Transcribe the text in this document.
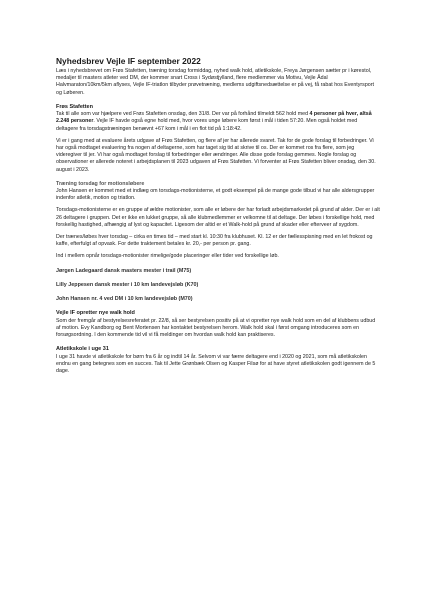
Nyhedsbrev Vejle IF september 2022

Læs i nyhedsbrevet om Frøs Stafetten, træning torsdag formiddag, nyhed walk hold, atletikskole, Freya Jørgensen sætter pr i kørestol, medaljer til masters atleter ved DM, der kommer snart Cross i Sydøstjylland, flere medlemmer via Motivu, Vejle Ådal Halvmaraton/10km/5km aflyses, Vejle IF-triatlon tilbyder prøvetræning, medlems udgiftsnedsættelse er på vej, få rabat hos Eventyrsport og Løberen.

Frøs Stafetten

Tak til alle som var hjælpere ved Frøs Stafetten onsdag, den 31/8. Der var på forhånd tilmeldt 562 hold med 4 personer på hver, altså 2.248 personer. Vejle IF havde også egne hold med, hvor vores unge løbere kom først i mål i tiden 57:20. Men også holdet med deltagere fra torsdagstræningen benævnt +67 kom i mål i en flot tid på 1:18:42.

Vi er i gang med at evaluere årets udgave af Frøs Stafetten, og flere af jer har allerede svaret. Tak for de gode forslag til forbedringer. Vi har også modtaget evaluering fra nogen af deltagerne, som har taget sig tid at skrive til os. Der er kommet ros fra flere, som jeg videregiver til jer. Vi har også modtaget forslag til forbedringer eller ændringer. Alle disse gode forslag gemmes. Nogle forslag og observationer er allerede noteret i arbejdsplanen til 2023 udgaven af Frøs Stafetten. Vi forventer at Frøs Stafetten bliver onsdag, den 30. august i 2023.

Træning torsdag for motionsløbere

John Hansen er kommet med et indlæg om torsdags-motionisterne, et godt eksempel på de mange gode tilbud vi har alle aldersgrupper indenfor atletik, motion og triatlon.

Torsdags-motionisterne er en gruppe af ældre motionister, som alle er løbere der har forladt arbejdsmarkedet på grund af alder. Der er i alt 26 deltagere i gruppen. Det er ikke en lukket gruppe, så alle klubmedlemmer er velkomne til at deltage. Der løbes i forskellige hold, med forskellig hastighed, afhængig af lyst og kapacitet. Ligesom der altid er et Walk-hold på grund af skader eller efterveer af sygdom.

Der trænes/løbes hver torsdag – cirka en times tid – med start kl. 10:30 fra klubhuset. Kl. 12 er der fællesspisning med en let frokost og kaffe, efterfulgt af opvask. For dette traktement betales kr. 20,- per person pr. gang.

Ind i mellem opnår torsdags-motionister rimelige/gode placeringer eller tider ved forskellige løb.

Jørgen Ladegaard dansk masters mester i trail (M75)

Lilly Jeppesen dansk mester i 10 km landevejsløb (K70)

John Hansen nr. 4 ved DM i 10 km landevejsløb (M70)

Vejle IF opretter nye walk hold

Som der fremgår af bestyrelsesreferatet pr. 22/8, så ser bestyrelsen positiv på at vi opretter nye walk hold som en del af klubbens udbud af motion. Evy Kandborg og Bent Mortensen har kontaktet bestyrelsen herom. Walk hold skal i først omgang introduceres som en forsøgsordning. I den kommende tid vil vi få meldinger om hvordan walk hold kan praktiseres.

Atletikskole i uge 31

I uge 31 havde vi atletikskole for børn fra 6 år og indtil 14 år. Selvom vi var færre deltagere end i 2020 og 2021, som må atletikskolen endnu en gang betegnes som en succes. Tak til Jette Grønbæk Olsen og Kasper Filsø for at have styret atletikskolen godt igennem de 5 dage.
